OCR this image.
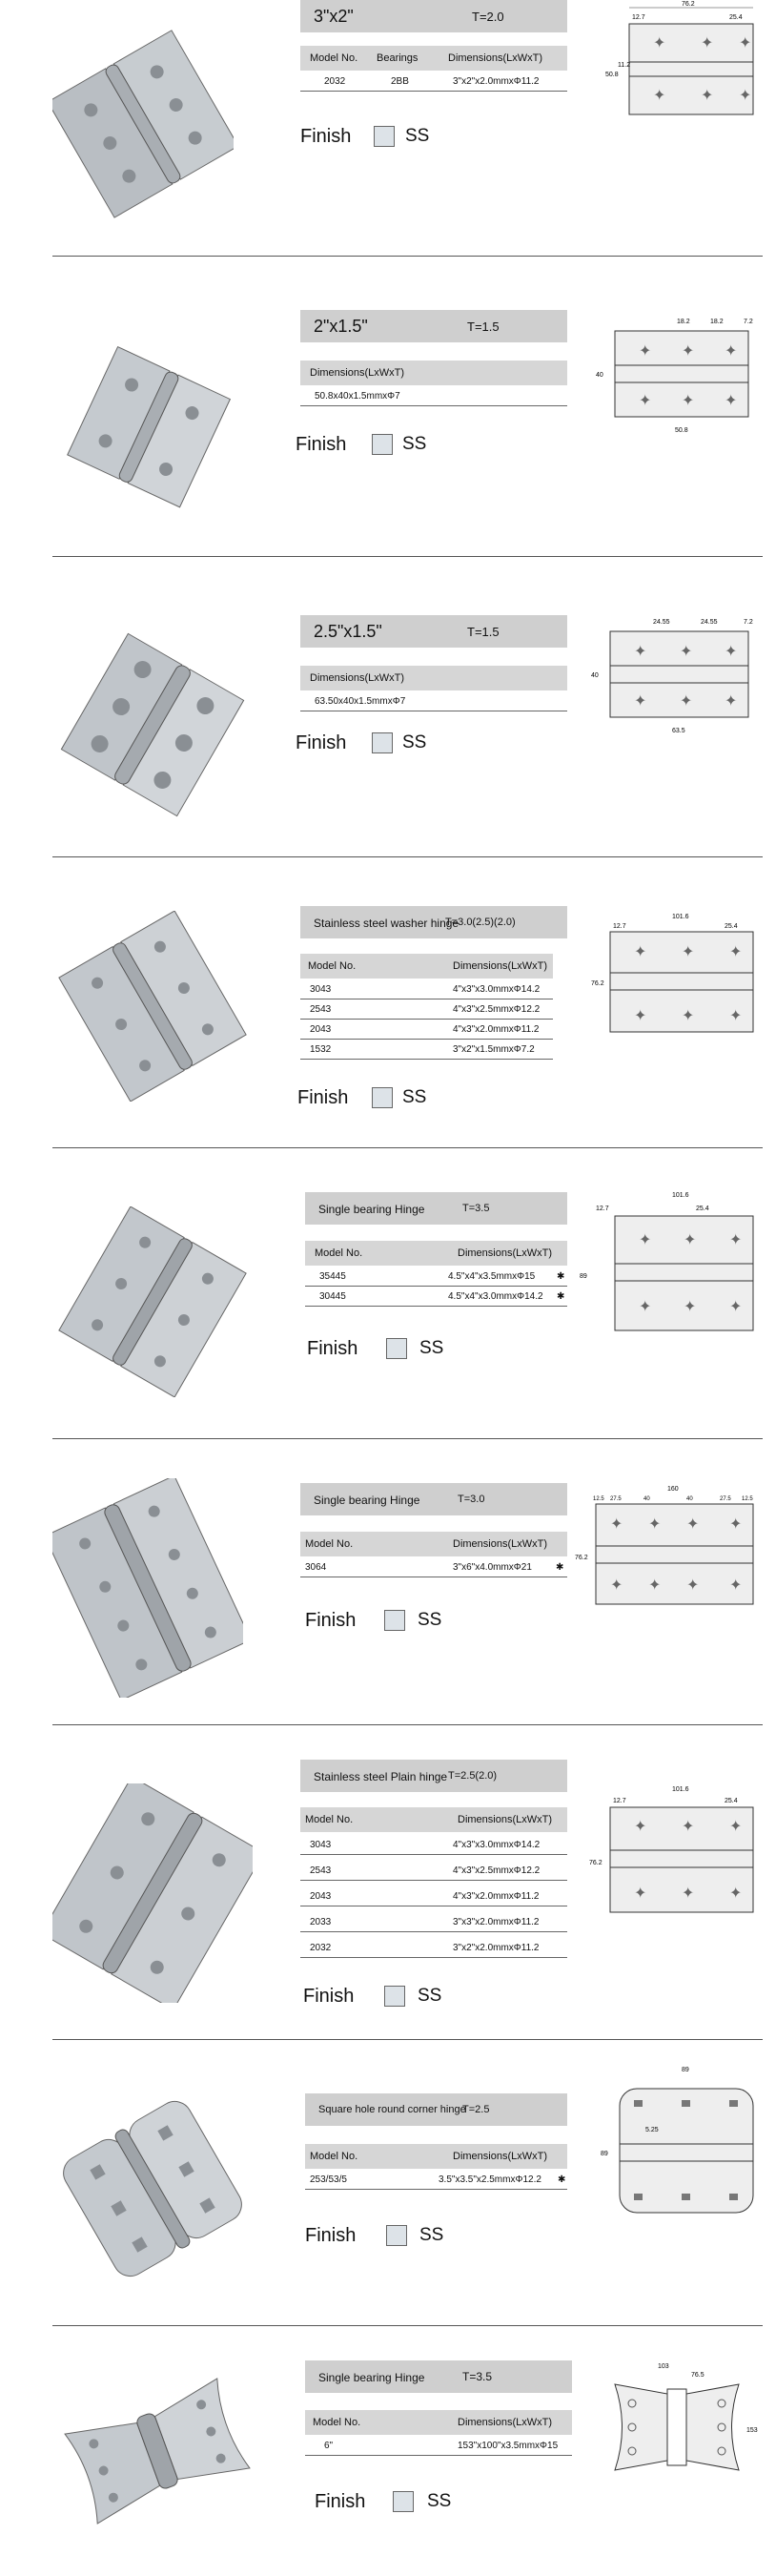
3"x2"	T=2.0
Model No. Bearings	Dimensions(LxWxT)
2032	2BB	3"x2"x2.0mmxΦ11.2
Finish	SS
✦ ✦ ✦
✦ ✦ ✦
76.2
12.7	25.4
50.8
11.2
2"x1.5"	T=1.5
Dimensions(LxWxT)
50.8x40x1.5mmxΦ7
Finish	SS
✦ ✦ ✦
✦ ✦ ✦
18.2	18.2	7.2
40
50.8
2.5"x1.5"	T=1.5
Dimensions(LxWxT)
63.50x40x1.5mmxΦ7
Finish	SS
✦ ✦ ✦
✦ ✦ ✦
24.55	24.55	7.2
40
63.5
Stainless steel washer hinge
T=3.0(2.5)(2.0)
Model No.	Dimensions(LxWxT)
3043	4"x3"x3.0mmxΦ14.2
2543	4"x3"x2.5mmxΦ12.2
2043	4"x3"x2.0mmxΦ11.2
1532	3"x2"x1.5mmxΦ7.2
Finish	SS
✦ ✦ ✦
✦ ✦ ✦
101.6
12.7	25.4
76.2
Single bearing Hinge	T=3.5
Model No.	Dimensions(LxWxT)
35445	4.5"x4"x3.5mmxΦ15 ✱
30445	4.5"x4"x3.0mmxΦ14.2 ✱
Finish	SS
✦ ✦ ✦
✦ ✦ ✦
101.6
12.7	25.4
89
Single bearing Hinge	T=3.0
Model No.	Dimensions(LxWxT)
3064	3"x6"x4.0mmxΦ21	✱
Finish	SS
✦ ✦ ✦ ✦
✦ ✦ ✦ ✦
160
12.5 27.5	40	40	27.5 12.5
76.2
Stainless steel Plain hinge T=2.5(2.0)
Model No.	Dimensions(LxWxT)
3043	4"x3"x3.0mmxΦ14.2
2543	4"x3"x2.5mmxΦ12.2
2043	4"x3"x2.0mmxΦ11.2
2033	3"x3"x2.0mmxΦ11.2
2032	3"x2"x2.0mmxΦ11.2
Finish	SS
✦ ✦ ✦
✦ ✦ ✦
101.6
12.7	25.4
76.2
Square hole round corner hinge
T=2.5
Model No.	Dimensions(LxWxT)
253/53/5	3.5"x3.5"x2.5mmxΦ12.2 ✱
Finish	SS
89
5.25
89
Single bearing Hinge	T=3.5
Model No.	Dimensions(LxWxT)
6"	153"x100"x3.5mmxΦ15
Finish	SS
103
76.5
153
